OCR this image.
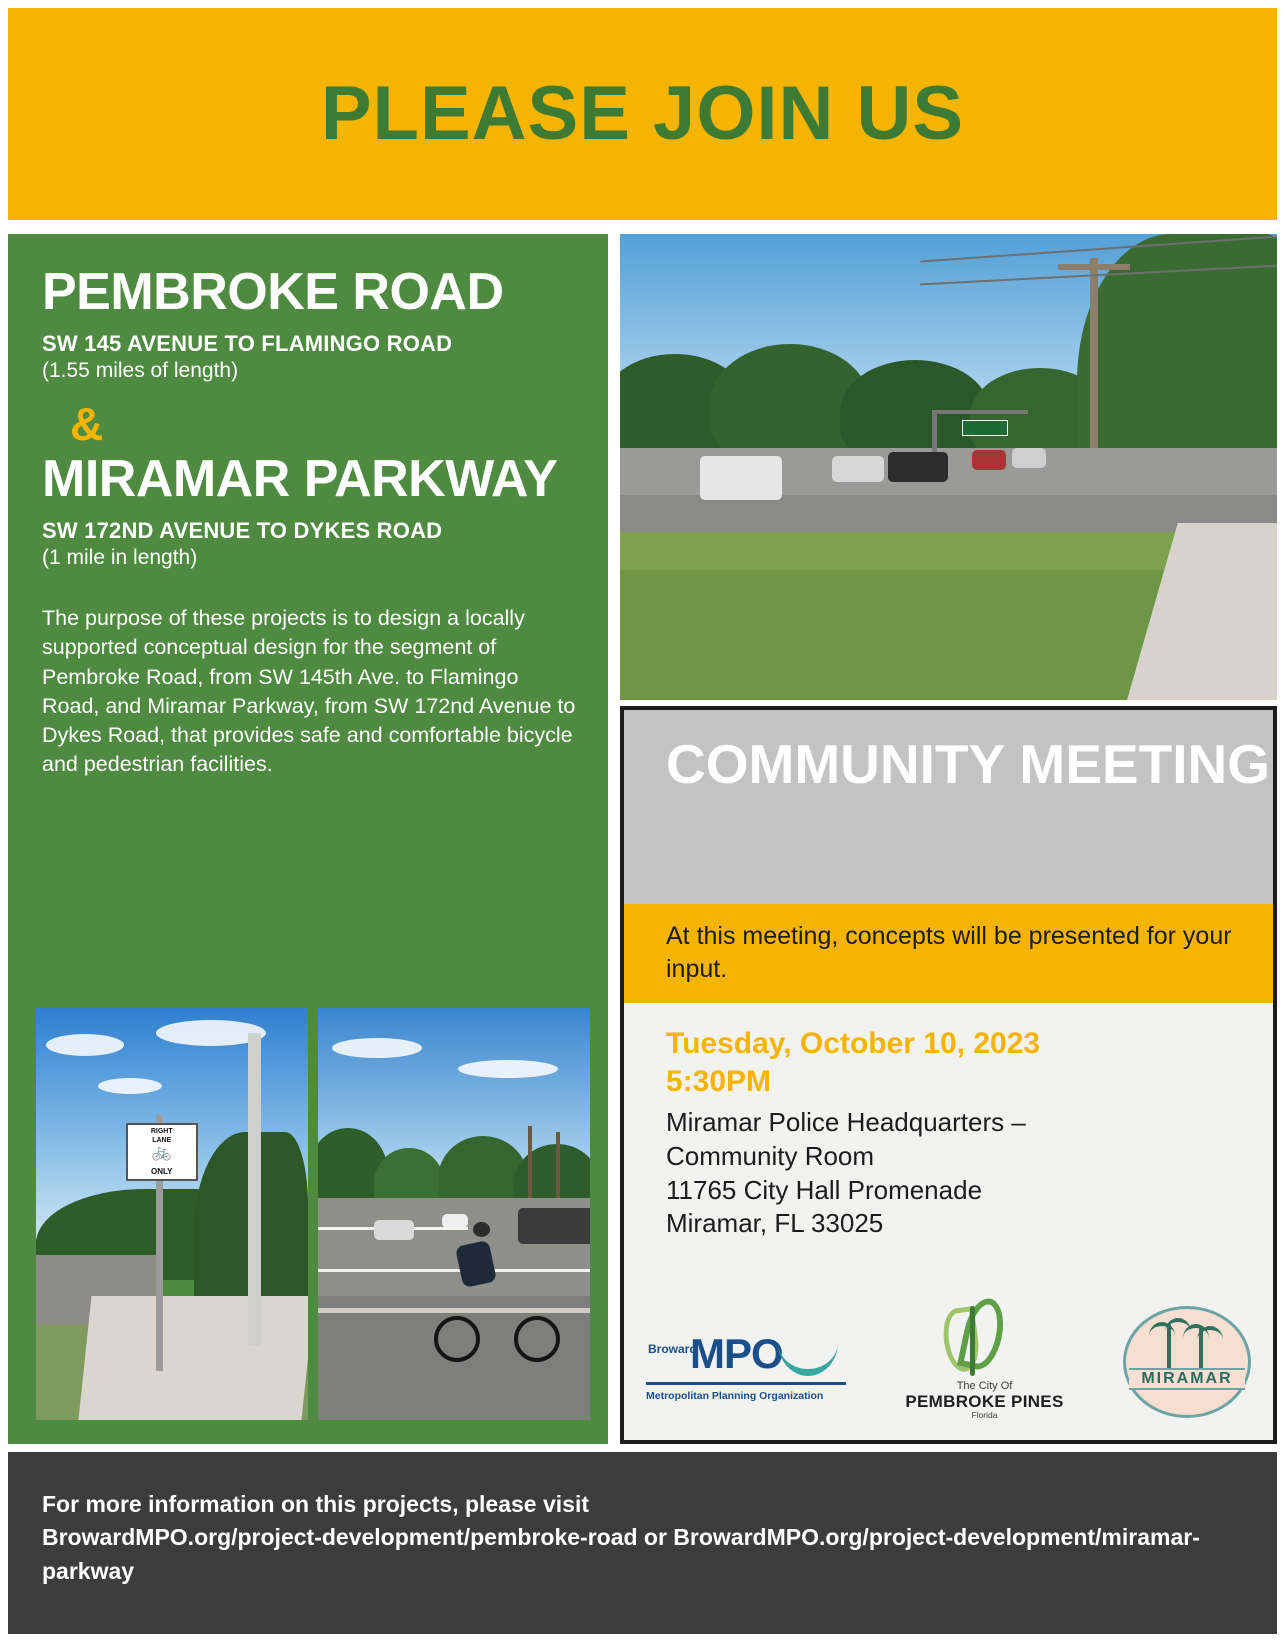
PLEASE JOIN US
PEMBROKE ROAD
SW 145 AVENUE TO FLAMINGO ROAD
(1.55 miles of length)
&
MIRAMAR PARKWAY
SW 172ND AVENUE TO DYKES ROAD
(1 mile in length)
The purpose of these projects is to design a locally supported conceptual design for the segment of Pembroke Road, from SW 145th Ave. to Flamingo Road, and Miramar Parkway, from SW 172nd Avenue to Dykes Road, that provides safe and comfortable bicycle and pedestrian facilities.
RIGHT
LANE
🚲
ONLY
COMMUNITY MEETING
At this meeting, concepts will be presented for your input.
Tuesday, October 10, 2023
5:30PM
Miramar Police Headquarters –
Community Room
11765 City Hall Promenade
Miramar, FL 33025
Broward
MPO
Metropolitan Planning Organization
The City Of
PEMBROKE PINES
Florida
MIRAMAR
For more information on this projects, please visit
BrowardMPO.org/project-development/pembroke-road or BrowardMPO.org/project-development/miramar-parkway
